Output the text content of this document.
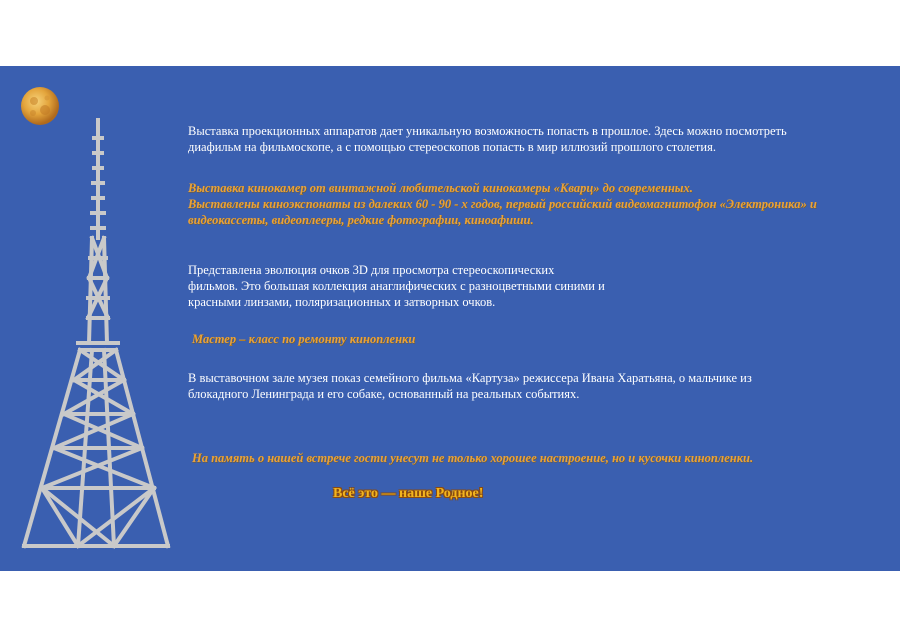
Выставка проекционных аппаратов дает уникальную возможность попасть в прошлое. Здесь можно посмотреть
диафильм на фильмоскопе, а с помощью стереоскопов попасть в мир иллюзий прошлого столетия.

Выставка кинокамер от винтажной любительской кинокамеры «Кварц» до современных.
Выставлены киноэкспонаты из далеких 60 - 90 - х годов, первый российский видеомагнитофон «Электроника» и
видеокассеты, видеоплееры, редкие фотографии, киноафиши.

Представлена эволюция очков 3D для просмотра стереоскопических
фильмов. Это большая коллекция анаглифических с разноцветными синими и
красными линзами, поляризационных и затворных очков.

Мастер – класс по ремонту кинопленки

В выставочном зале музея показ семейного фильма «Картуза» режиссера Ивана Харатьяна, о мальчике из
блокадного Ленинграда и его собаке, основанный на реальных событиях.

На память о нашей встрече гости унесут не только хорошее настроение, но и кусочки кинопленки.

Всё это — наше Родное!
